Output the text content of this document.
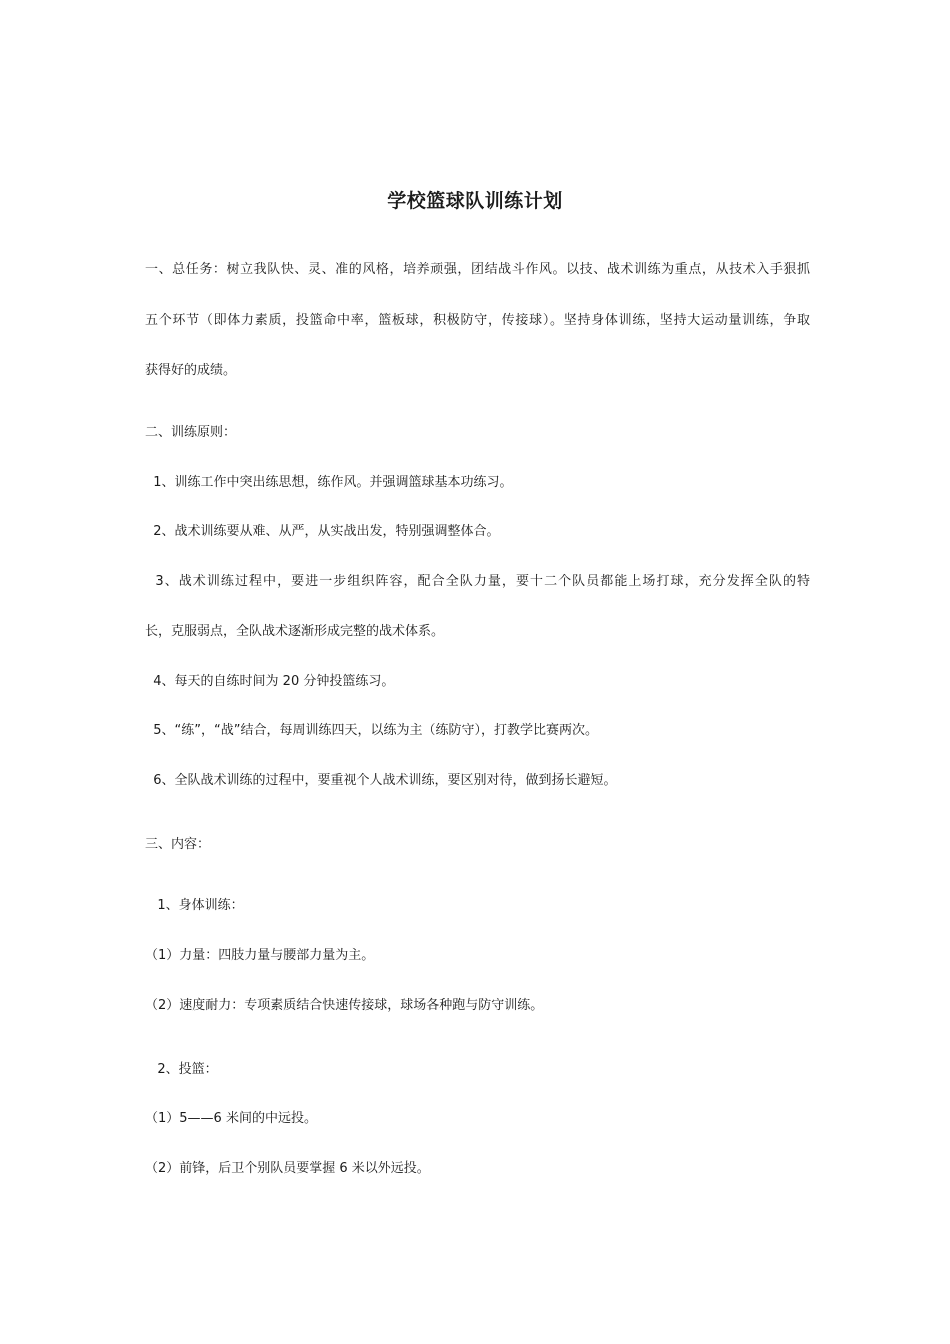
学校篮球队训练计划
一、总任务：树立我队快、灵、准的风格，培养顽强，团结战斗作风。以技、战术训练为重点，从技术入手狠抓
五个环节（即体力素质，投篮命中率，篮板球，积极防守，传接球）。坚持身体训练，坚持大运动量训练，争取
获得好的成绩。
二、训练原则：
1、训练工作中突出练思想，练作风。并强调篮球基本功练习。
2、战术训练要从难、从严，从实战出发，特别强调整体合。
3、战术训练过程中，要进一步组织阵容，配合全队力量，要十二个队员都能上场打球，充分发挥全队的特
长，克服弱点，全队战术逐渐形成完整的战术体系。
4、每天的自练时间为 20 分钟投篮练习。
5、“练”，“战”结合，每周训练四天，以练为主（练防守），打教学比赛两次。
6、全队战术训练的过程中，要重视个人战术训练，要区别对待，做到扬长避短。
三、内容：
1、身体训练：
（1）力量：四肢力量与腰部力量为主。
（2）速度耐力：专项素质结合快速传接球，球场各种跑与防守训练。
2、投篮：
（1）5——6 米间的中远投。
（2）前锋，后卫个别队员要掌握 6 米以外远投。
